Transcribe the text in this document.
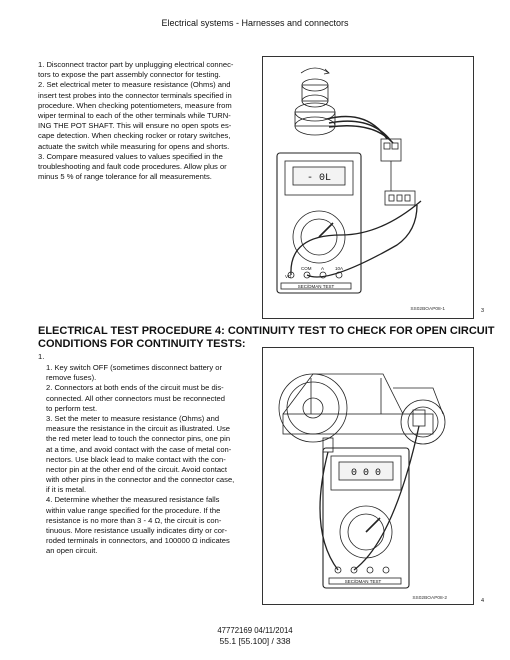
Electrical systems - Harnesses and connectors
1. Disconnect tractor part by unplugging electrical connec-
tors to expose the part assembly connector for testing.
2. Set electrical meter to measure resistance (Ohms) and
insert test probes into the connector terminals specified in
procedure. When checking potentiometers, measure from
wiper terminal to each of the other terminals while TURN-
ING THE POT SHAFT. This will ensure no open spots es-
cape detection. When checking rocker or rotary switches,
actuate the switch while measuring for opens and shorts.
3. Compare measured values to values specified in the
troubleshooting and fault code procedures. Allow plus or
minus 5 % of range tolerance for all measurements.	- 0L
VΩ
COM A 10A
SEC/DMAN TEST
SS02BOAP08-1	3
ELECTRICAL TEST PROCEDURE 4: CONTINUITY TEST TO CHECK FOR OPEN CIRCUIT
CONDITIONS FOR CONTINUITY TESTS:
1.
1. Key switch OFF (sometimes disconnect battery or
remove fuses).
2. Connectors at both ends of the circuit must be dis-
connected. All other connectors must be reconnected
to perform test.
3. Set the meter to measure resistance (Ohms) and
measure the resistance in the circuit as illustrated. Use
the red meter lead to touch the connector pins, one pin
at a time, and avoid contact with the case of metal con-
nectors. Use black lead to make contact with the con-
nector pin at the other end of the circuit. Avoid contact
with other pins in the connector and the connector case,
if it is metal.
4. Determine whether the measured resistance falls
within value range specified for the procedure. If the
resistance is no more than 3 - 4 Ω, the circuit is con-
tinuous. More resistance usually indicates dirty or cor-
roded terminals in connectors, and 100000 Ω indicates
an open circuit.
0 0 0
SEC/DMAN TEST
SS02BOAP08-2	4
47772169 04/11/2014
55.1 [55.100] / 338
